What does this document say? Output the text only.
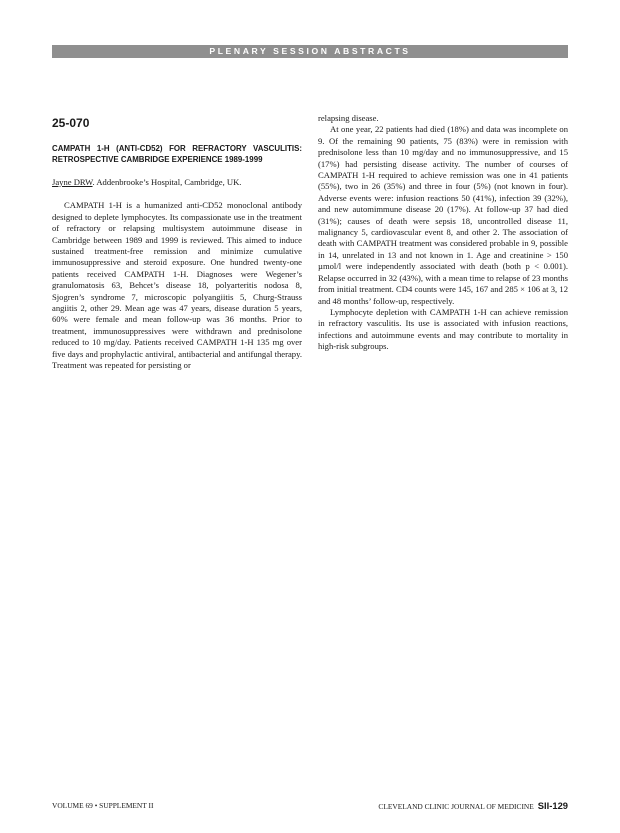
PLENARY SESSION ABSTRACTS
25-070
CAMPATH 1-H (ANTI-CD52) FOR REFRACTORY VASCULITIS: RETROSPECTIVE CAMBRIDGE EXPERIENCE 1989-1999
Jayne DRW. Addenbrooke’s Hospital, Cambridge, UK.

CAMPATH 1-H is a humanized anti-CD52 monoclonal antibody designed to deplete lymphocytes. Its compassionate use in the treatment of refractory or relapsing multisystem autoimmune disease in Cambridge between 1989 and 1999 is reviewed. This aimed to induce sustained treatment-free remission and minimize cumulative immunosuppressive and steroid exposure. One hundred twenty-one patients received CAMPATH 1-H. Diagnoses were Wegener’s granulomatosis 63, Behcet’s disease 18, polyarteritis nodosa 8, Sjogren’s syndrome 7, microscopic polyangiitis 5, Churg-Strauss angiitis 2, other 29. Mean age was 47 years, disease duration 5 years, 60% were female and mean follow-up was 36 months. Prior to treatment, immunosuppressives were withdrawn and prednisolone reduced to 10 mg/day. Patients received CAMPATH 1-H 135 mg over five days and prophylactic antiviral, antibacterial and antifungal therapy. Treatment was repeated for persisting or

relapsing disease.

At one year, 22 patients had died (18%) and data was incomplete on 9. Of the remaining 90 patients, 75 (83%) were in remission with prednisolone less than 10 mg/day and no immunosuppressive, and 15 (17%) had persisting disease activity. The number of courses of CAMPATH 1-H required to achieve remission was one in 41 patients (55%), two in 26 (35%) and three in four (5%) (not known in four). Adverse events were: infusion reactions 50 (41%), infection 39 (32%), and new automimmune disease 20 (17%). At follow-up 37 had died (31%); causes of death were sepsis 18, uncontrolled disease 11, malignancy 5, cardiovascular event 8, and other 2. The association of death with CAMPATH treatment was considered probable in 9, possible in 14, unrelated in 13 and not known in 1. Age and creatinine > 150 µmol/l were independently associated with death (both p < 0.001). Relapse occurred in 32 (43%), with a mean time to relapse of 23 months from initial treatment. CD4 counts were 145, 167 and 285 × 106 at 3, 12 and 48 months’ follow-up, respectively.

Lymphocyte depletion with CAMPATH 1-H can achieve remission in refractory vasculitis. Its use is associated with infusion reactions, infections and autoimmune events and may contribute to mortality in high-risk subgroups.

VOLUME 69 • SUPPLEMENT II	CLEVELAND CLINIC JOURNAL OF MEDICINE SII-129
